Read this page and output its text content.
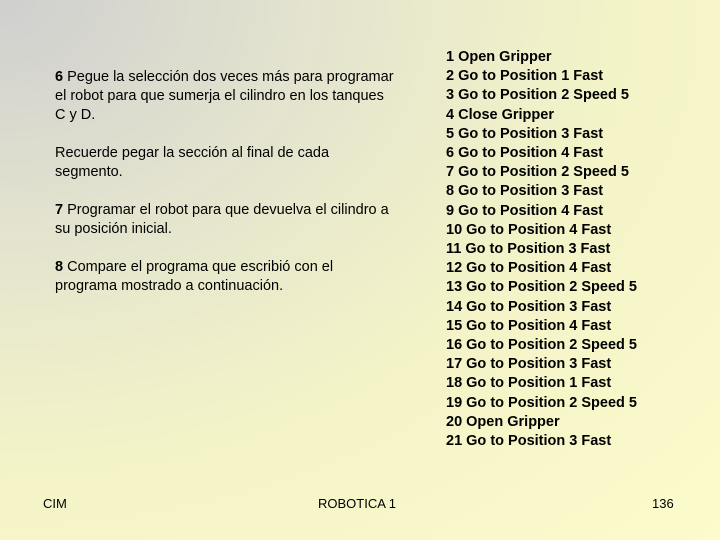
6 Pegue la selección dos veces más para programar el robot para que sumerja el cilindro en los tanques C y D.

Recuerde pegar la sección al final de cada segmento.

7 Programar el robot para que devuelva el cilindro a su posición inicial.

8 Compare el programa que escribió con el programa mostrado a continuación.

1 Open Gripper
2 Go to Position 1 Fast
3 Go to Position 2 Speed 5
4 Close Gripper
5 Go to Position 3 Fast
6 Go to Position 4 Fast
7 Go to Position 2 Speed 5
8 Go to Position 3 Fast
9 Go to Position 4 Fast
10 Go to Position 4 Fast
11 Go to Position 3 Fast
12 Go to Position 4 Fast
13 Go to Position 2 Speed 5
14 Go to Position 3 Fast
15 Go to Position 4 Fast
16 Go to Position 2 Speed 5
17 Go to Position 3 Fast
18 Go to Position 1 Fast
19 Go to Position 2 Speed 5
20 Open Gripper
21 Go to Position 3 Fast
CIM	ROBOTICA 1	136
